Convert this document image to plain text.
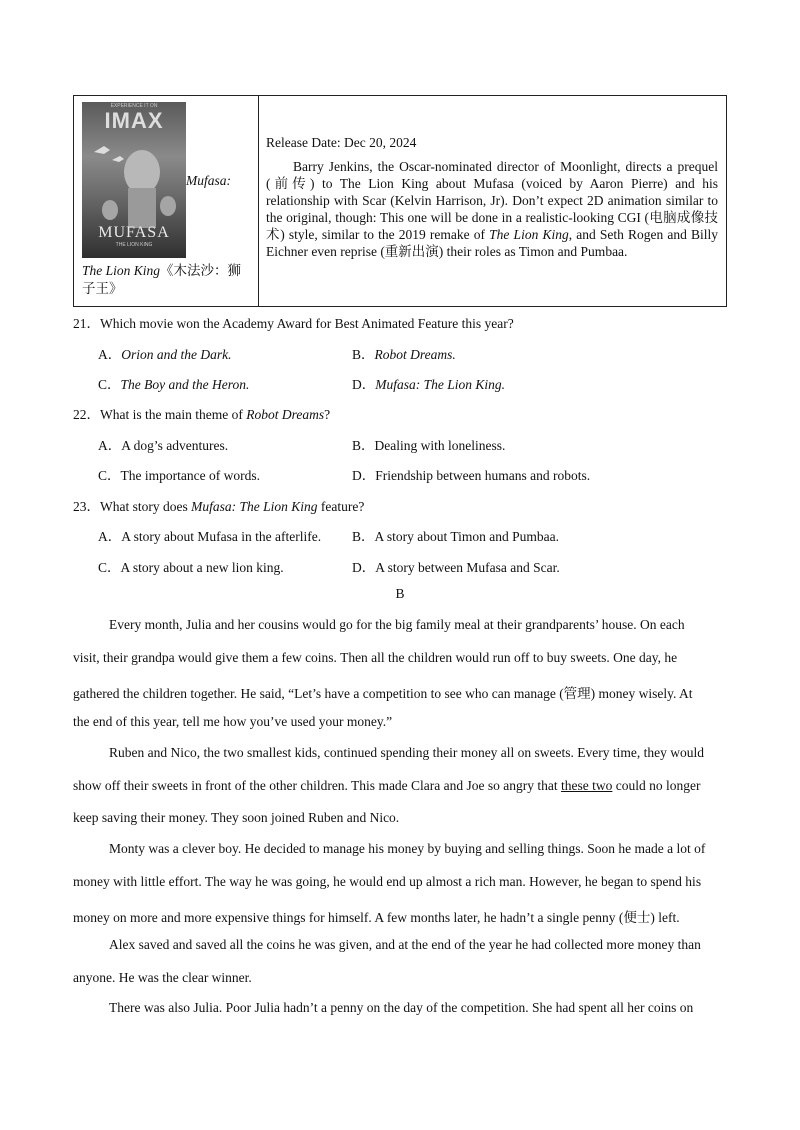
EXPERIENCE IT ON
IMAX
MUFASA
THE LION KING
Mufasa:
The Lion King《木法沙：狮子王》
Release Date: Dec 20, 2024
Barry Jenkins, the Oscar-nominated director of Moonlight, directs a prequel (前传) to The Lion King about Mufasa (voiced by Aaron Pierre) and his relationship with Scar (Kelvin Harrison, Jr). Don’t expect 2D animation similar to the original, though: This one will be done in a realistic-looking CGI (电脑成像技术) style, similar to the 2019 remake of The Lion King, and Seth Rogen and Billy Eichner even reprise (重新出演) their roles as Timon and Pumbaa.
21．Which movie won the Academy Award for Best Animated Feature this year?
A．Orion and the Dark.	B．Robot Dreams.
C．The Boy and the Heron.	D．Mufasa: The Lion King.
22．What is the main theme of Robot Dreams?
A．A dog’s adventures.	B．Dealing with loneliness.
C．The importance of words.	D．Friendship between humans and robots.
23．What story does Mufasa: The Lion King feature?
A．A story about Mufasa in the afterlife. B．A story about Timon and Pumbaa.
C．A story about a new lion king.	D．A story between Mufasa and Scar.
B
Every month, Julia and her cousins would go for the big family meal at their grandparents’ house. On each
visit, their grandpa would give them a few coins. Then all the children would run off to buy sweets. One day, he
gathered the children together. He said, “Let’s have a competition to see who can manage (管理) money wisely. At
the end of this year, tell me how you’ve used your money.”
Ruben and Nico, the two smallest kids, continued spending their money all on sweets. Every time, they would
show off their sweets in front of the other children. This made Clara and Joe so angry that these two could no longer
keep saving their money. They soon joined Ruben and Nico.
Monty was a clever boy. He decided to manage his money by buying and selling things. Soon he made a lot of
money with little effort. The way he was going, he would end up almost a rich man. However, he began to spend his
money on more and more expensive things for himself. A few months later, he hadn’t a single penny (便士) left.
Alex saved and saved all the coins he was given, and at the end of the year he had collected more money than
anyone. He was the clear winner.
There was also Julia. Poor Julia hadn’t a penny on the day of the competition. She had spent all her coins on
